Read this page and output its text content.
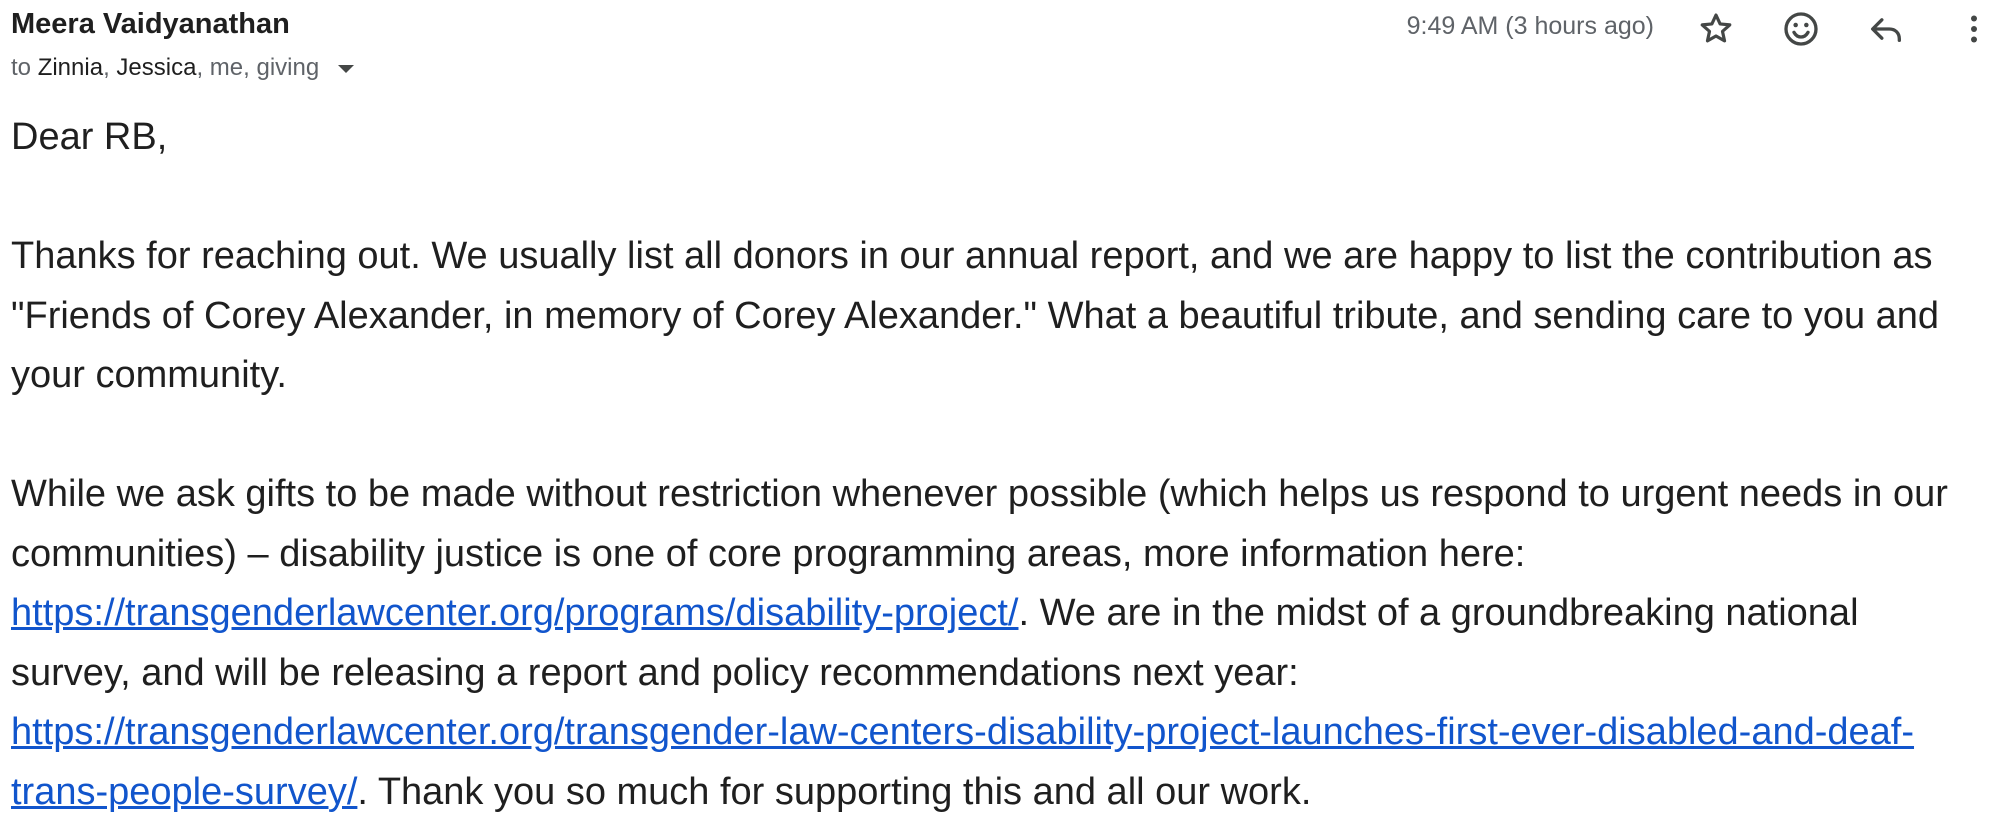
Meera Vaidyanathan
to Zinnia, Jessica, me, giving
9:49 AM (3 hours ago)

Dear RB,

Thanks for reaching out. We usually list all donors in our annual report, and we are happy to list the contribution as "Friends of Corey Alexander, in memory of Corey Alexander." What a beautiful tribute, and sending care to you and your community.

While we ask gifts to be made without restriction whenever possible (which helps us respond to urgent needs in our communities) – disability justice is one of core programming areas, more information here: https://transgenderlawcenter.org/programs/disability-project/. We are in the midst of a groundbreaking national survey, and will be releasing a report and policy recommendations next year: https://transgenderlawcenter.org/transgender-law-centers-disability-project-launches-first-ever-disabled-and-deaf-trans-people-survey/. Thank you so much for supporting this and all our work.
